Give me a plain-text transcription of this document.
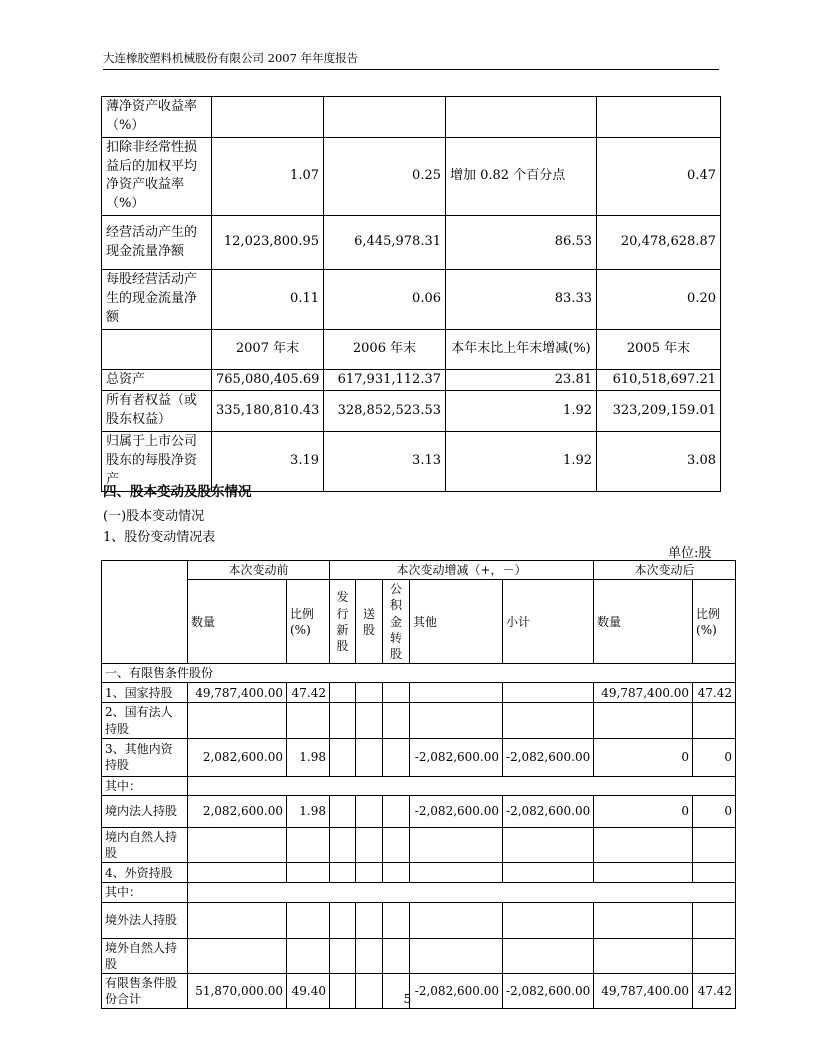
大连橡胶塑料机械股份有限公司 2007 年年度报告
薄净资产收益率（%）				
扣除非经常性损益后的加权平均净资产收益率（%）	1.07	0.25	增加 0.82 个百分点	0.47
经营活动产生的现金流量净额	12,023,800.95	6,445,978.31	86.53	20,478,628.87
每股经营活动产生的现金流量净额	0.11	0.06	83.33	0.20
	2007 年末	2006 年末	本年末比上年末增减(%)	2005 年末
总资产	765,080,405.69	617,931,112.37	23.81	610,518,697.21
所有者权益（或股东权益）	335,180,810.43	328,852,523.53	1.92	323,209,159.01
归属于上市公司股东的每股净资产	3.19	3.13	1.92	3.08
四、股本变动及股东情况
(一)股本变动情况
1、股份变动情况表
单位:股
	本次变动前		本次变动增减（+，－）					本次变动后	
	数量	比例(%)	发行新股	送股	公积金转股	其他	小计	数量	比例(%)
一、有限售条件股份									
1、国家持股	49,787,400.00	47.42						49,787,400.00	47.42
2、国有法人持股									
3、其他内资持股	2,082,600.00	1.98				-2,082,600.00	-2,082,600.00	0	0
其中：									
境内法人持股	2,082,600.00	1.98				-2,082,600.00	-2,082,600.00	0	0
境内自然人持股									
4、外资持股									
其中：									
境外法人持股									
境外自然人持股									
有限售条件股份合计	51,870,000.00	49.40				-2,082,600.00	-2,082,600.00	49,787,400.00	47.42
5
